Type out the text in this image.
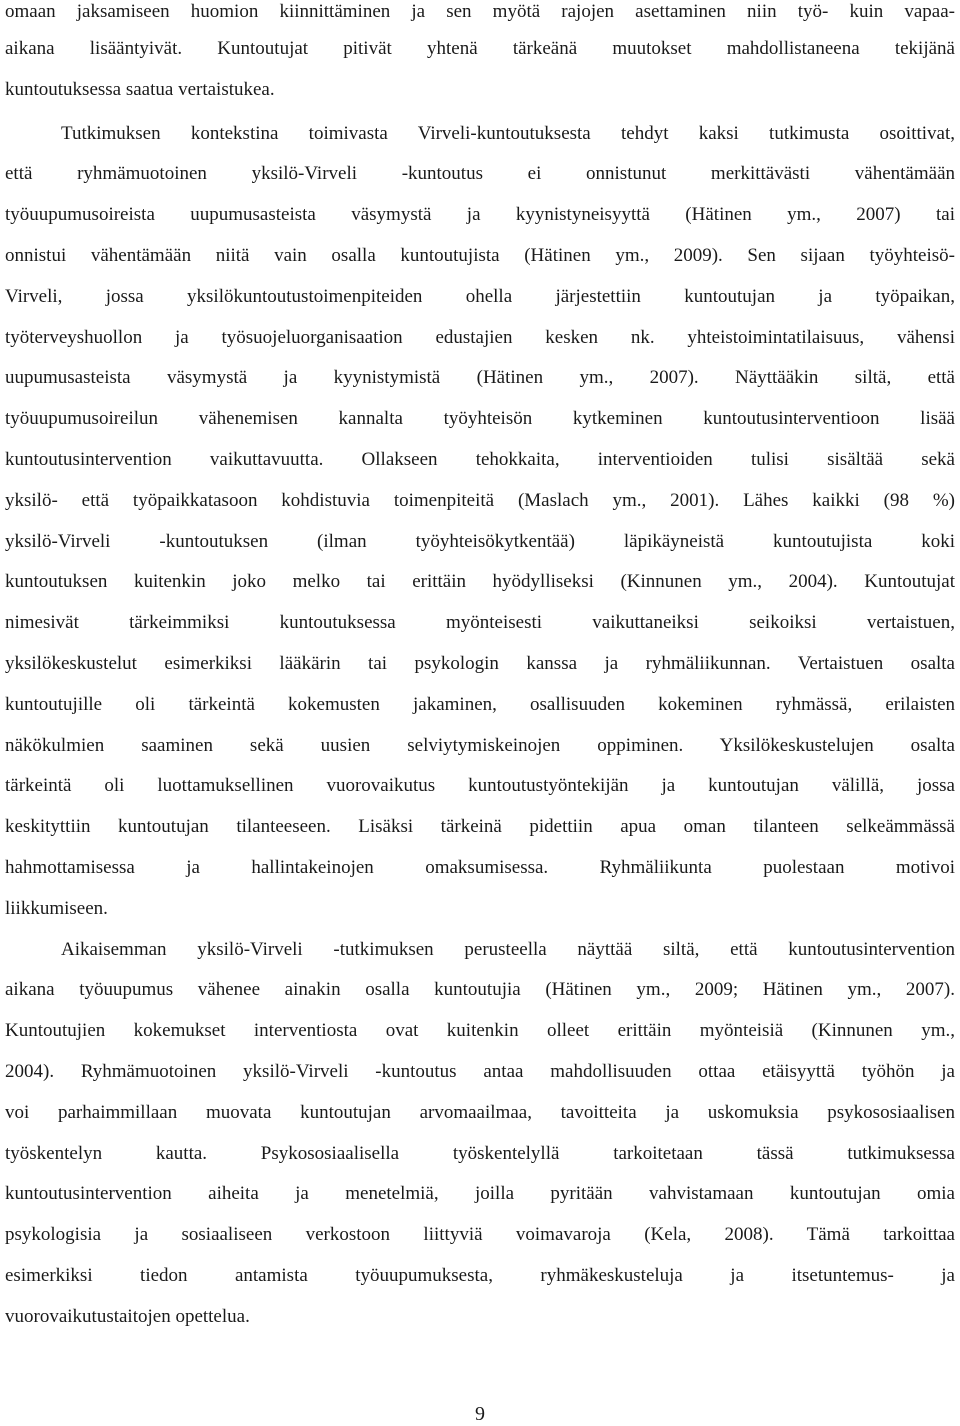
omaan jaksamiseen huomion kiinnittäminen ja sen myötä rajojen asettaminen niin työ- kuin vapaa-
aikana lisääntyivät. Kuntoutujat pitivät yhtenä tärkeänä muutokset mahdollistaneena tekijänä
kuntoutuksessa saatua vertaistukea.
Tutkimuksen kontekstina toimivasta Virveli-kuntoutuksesta tehdyt kaksi tutkimusta osoittivat,
että ryhmämuotoinen yksilö-Virveli -kuntoutus ei onnistunut merkittävästi vähentämään
työuupumusoireista uupumusasteista väsymystä ja kyynistyneisyyttä (Hätinen ym., 2007) tai
onnistui vähentämään niitä vain osalla kuntoutujista (Hätinen ym., 2009). Sen sijaan työyhteisö-
Virveli, jossa yksilökuntoutustoimenpiteiden ohella järjestettiin kuntoutujan ja työpaikan,
työterveyshuollon ja työsuojeluorganisaation edustajien kesken nk. yhteistoimintatilaisuus, vähensi
uupumusasteista väsymystä ja kyynistymistä (Hätinen ym., 2007). Näyttääkin siltä, että
työuupumusoireilun vähenemisen kannalta työyhteisön kytkeminen kuntoutusinterventioon lisää
kuntoutusintervention vaikuttavuutta. Ollakseen tehokkaita, interventioiden tulisi sisältää sekä
yksilö- että työpaikkatasoon kohdistuvia toimenpiteitä (Maslach ym., 2001). Lähes kaikki (98 %)
yksilö-Virveli -kuntoutuksen (ilman työyhteisökytkentää) läpikäyneistä kuntoutujista koki
kuntoutuksen kuitenkin joko melko tai erittäin hyödylliseksi (Kinnunen ym., 2004). Kuntoutujat
nimesivät tärkeimmiksi kuntoutuksessa myönteisesti vaikuttaneiksi seikoiksi vertaistuen,
yksilökeskustelut esimerkiksi lääkärin tai psykologin kanssa ja ryhmäliikunnan. Vertaistuen osalta
kuntoutujille oli tärkeintä kokemusten jakaminen, osallisuuden kokeminen ryhmässä, erilaisten
näkökulmien saaminen sekä uusien selviytymiskeinojen oppiminen. Yksilökeskustelujen osalta
tärkeintä oli luottamuksellinen vuorovaikutus kuntoutustyöntekijän ja kuntoutujan välillä, jossa
keskityttiin kuntoutujan tilanteeseen. Lisäksi tärkeinä pidettiin apua oman tilanteen selkeämmässä
hahmottamisessa ja hallintakeinojen omaksumisessa. Ryhmäliikunta puolestaan motivoi
liikkumiseen.
Aikaisemman yksilö-Virveli -tutkimuksen perusteella näyttää siltä, että kuntoutusintervention
aikana työuupumus vähenee ainakin osalla kuntoutujia (Hätinen ym., 2009; Hätinen ym., 2007).
Kuntoutujien kokemukset interventiosta ovat kuitenkin olleet erittäin myönteisiä (Kinnunen ym.,
2004). Ryhmämuotoinen yksilö-Virveli -kuntoutus antaa mahdollisuuden ottaa etäisyyttä työhön ja
voi parhaimmillaan muovata kuntoutujan arvomaailmaa, tavoitteita ja uskomuksia psykososiaalisen
työskentelyn kautta. Psykososiaalisella työskentelyllä tarkoitetaan tässä tutkimuksessa
kuntoutusintervention aiheita ja menetelmiä, joilla pyritään vahvistamaan kuntoutujan omia
psykologisia ja sosiaaliseen verkostoon liittyviä voimavaroja (Kela, 2008). Tämä tarkoittaa
esimerkiksi tiedon antamista työuupumuksesta, ryhmäkeskusteluja ja itsetuntemus- ja
vuorovaikutustaitojen opettelua.
9
